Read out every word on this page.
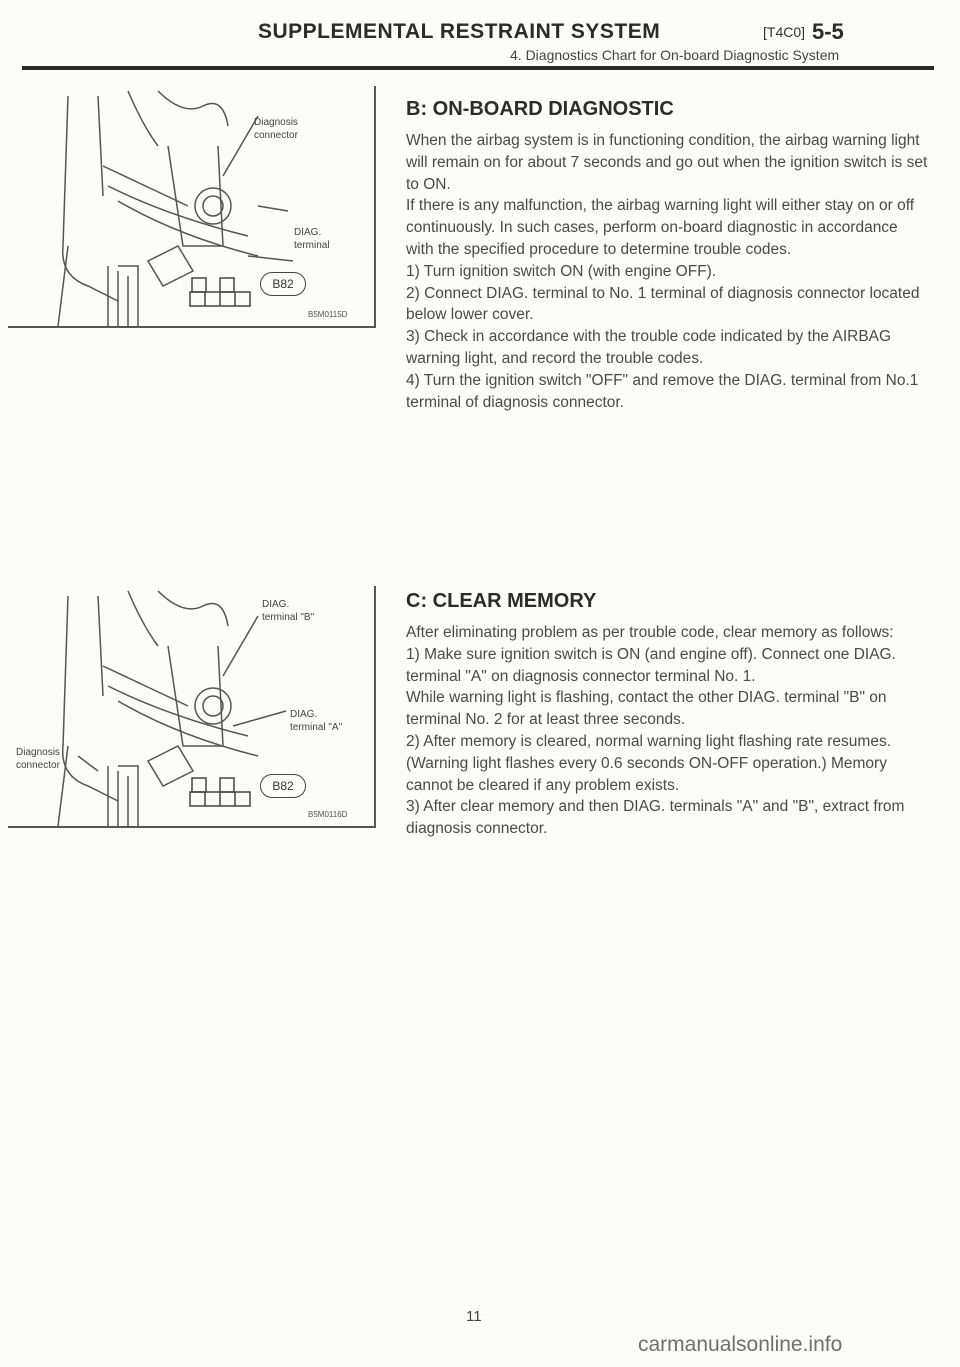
SUPPLEMENTAL RESTRAINT SYSTEM	[T4C0] 5-5
4. Diagnostics Chart for On-board Diagnostic System
Diagnosis
connector
DIAG.
terminal
B82
B5M0115D
B: ON-BOARD DIAGNOSTIC

When the airbag system is in functioning condition, the airbag warning light will remain on for about 7 seconds and go out when the ignition switch is set to ON.

If there is any malfunction, the airbag warning light will either stay on or off continuously. In such cases, perform on-board diagnostic in accordance with the specified procedure to determine trouble codes.

1) Turn ignition switch ON (with engine OFF).

2) Connect DIAG. terminal to No. 1 terminal of diagnosis connector located below lower cover.

3) Check in accordance with the trouble code indicated by the AIRBAG warning light, and record the trouble codes.

4) Turn the ignition switch "OFF" and remove the DIAG. terminal from No.1 terminal of diagnosis connector.

DIAG.
terminal "B"
DIAG.
terminal "A"
Diagnosis
connector
B82
B5M0116D
C: CLEAR MEMORY

After eliminating problem as per trouble code, clear memory as follows:

1) Make sure ignition switch is ON (and engine off). Connect one DIAG. terminal "A" on diagnosis connector terminal No. 1.

While warning light is flashing, contact the other DIAG. terminal "B" on terminal No. 2 for at least three seconds.

2) After memory is cleared, normal warning light flashing rate resumes. (Warning light flashes every 0.6 seconds ON-OFF operation.) Memory cannot be cleared if any problem exists.

3) After clear memory and then DIAG. terminals "A" and "B", extract from diagnosis connector.

11
carmanualsonline.info
